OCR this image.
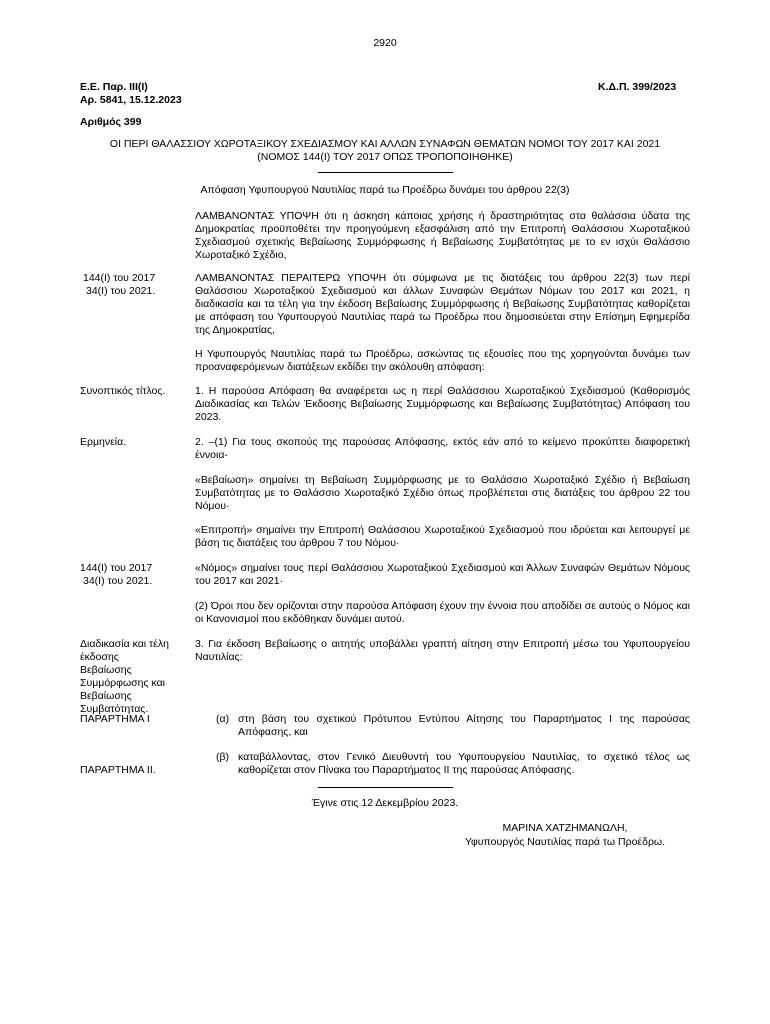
2920
Ε.Ε. Παρ. ΙΙΙ(Ι)
Αρ. 5841, 15.12.2023
Κ.Δ.Π. 399/2023
Αριθμός 399
ΟΙ ΠΕΡΙ ΘΑΛΑΣΣΙΟΥ ΧΩΡΟΤΑΞΙΚΟΥ ΣΧΕΔΙΑΣΜΟΥ ΚΑΙ ΑΛΛΩΝ ΣΥΝΑΦΩΝ ΘΕΜΑΤΩΝ ΝΟΜΟΙ ΤΟΥ 2017 ΚΑΙ 2021
(ΝΟΜΟΣ 144(Ι) ΤΟΥ 2017 ΟΠΩΣ ΤΡΟΠΟΠΟΙΗΘΗΚΕ)
Απόφαση Υφυπουργού Ναυτιλίας παρά τω Προέδρω δυνάμει του άρθρου 22(3)

ΛΑΜΒΑΝΟΝΤΑΣ ΥΠΟΨΗ ότι η άσκηση κάποιας χρήσης ή δραστηριότητας στα θαλάσσια ύδατα της Δημοκρατίας προϋποθέτει την προηγούμενη εξασφάλιση από την Επιτροπή Θαλάσσιου Χωροταξικού Σχεδιασμού σχετικής Βεβαίωσης Συμμόρφωσης ή Βεβαίωσης Συμβατότητας με το εν ισχύι Θαλάσσιο Χωροταξικό Σχέδιο,

144(Ι) του 2017
34(Ι) του 2021.

ΛΑΜΒΑΝΟΝΤΑΣ ΠΕΡΑΙΤΕΡΩ ΥΠΟΨΗ ότι σύμφωνα με τις διατάξεις του άρθρου 22(3) των περί Θαλάσσιου Χωροταξικού Σχεδιασμού και άλλων Συναφών Θεμάτων Νόμων του 2017 και 2021, η διαδικασία και τα τέλη για την έκδοση Βεβαίωσης Συμμόρφωσης ή Βεβαίωσης Συμβατότητας καθορίζεται με απόφαση του Υφυπουργού Ναυτιλίας παρά τω Προέδρω που δημοσιεύεται στην Επίσημη Εφημερίδα της Δημοκρατίας,

Η Υφυπουργός Ναυτιλίας παρά τω Προέδρω, ασκώντας τις εξουσίες που της χορηγούνται δυνάμει των προαναφερόμενων διατάξεων εκδίδει την ακόλουθη απόφαση:

Συνοπτικός τίτλος.	1. Η παρούσα Απόφαση θα αναφέρεται ως η περί Θαλάσσιου Χωροταξικού Σχεδιασμού (Καθορισμός Διαδικασίας και Τελών Έκδοσης Βεβαίωσης Συμμόρφωσης και Βεβαίωσης Συμβατότητας) Απόφαση του 2023.

Ερμηνεία.	2. –(1) Για τους σκοπούς της παρούσας Απόφασης, εκτός εάν από το κείμενο προκύπτει διαφορετική έννοια-

«Βεβαίωση» σημαίνει τη Βεβαίωση Συμμόρφωσης με το Θαλάσσιο Χωροταξικό Σχέδιο ή Βεβαίωση Συμβατότητας με το Θαλάσσιο Χωροταξικό Σχέδιο όπως προβλέπεται στις διατάξεις του άρθρου 22 του Νόμου·

«Επιτροπή» σημαίνει την Επιτροπή Θαλάσσιου Χωροταξικού Σχεδιασμού που ιδρύεται και λειτουργεί με βάση τις διατάξεις του άρθρου 7 του Νόμου·

144(Ι) του 2017
34(Ι) του 2021.

«Νόμος» σημαίνει τους περί Θαλάσσιου Χωροταξικού Σχεδιασμού και Άλλων Συναφών Θεμάτων Νόμους του 2017 και 2021·

(2) Όροι που δεν ορίζονται στην παρούσα Απόφαση έχουν την έννοια που αποδίδει σε αυτούς ο Νόμος και οι Κανονισμοί που εκδόθηκαν δυνάμει αυτού.

Διαδικασία και τέλη
έκδοσης
Βεβαίωσης
Συμμόρφωσης και
Βεβαίωσης
Συμβατότητας.

3. Για έκδοση Βεβαίωσης ο αιτητής υποβάλλει γραπτή αίτηση στην Επιτροπή μέσω του Υφυπουργείου Ναυτιλίας:

ΠΑΡΑΡΤΗΜΑ Ι	(α) στη βάση του σχετικού Πρότυπου Εντύπου Αίτησης του Παραρτήματος Ι της παρούσας Απόφασης, και

(β) καταβάλλοντας, στον Γενικό Διευθυντή του Υφυπουργείου Ναυτιλίας, το σχετικό τέλος ως καθορίζεται στον Πίνακα του Παραρτήματος ΙΙ της παρούσας Απόφασης.

ΠΑΡΑΡΤΗΜΑ ΙΙ.
Έγινε στις 12 Δεκεμβρίου 2023.
ΜΑΡΙΝΑ ΧΑΤΖΗΜΑΝΩΛΗ,
Υφυπουργός Ναυτιλίας παρά τω Προέδρω.
